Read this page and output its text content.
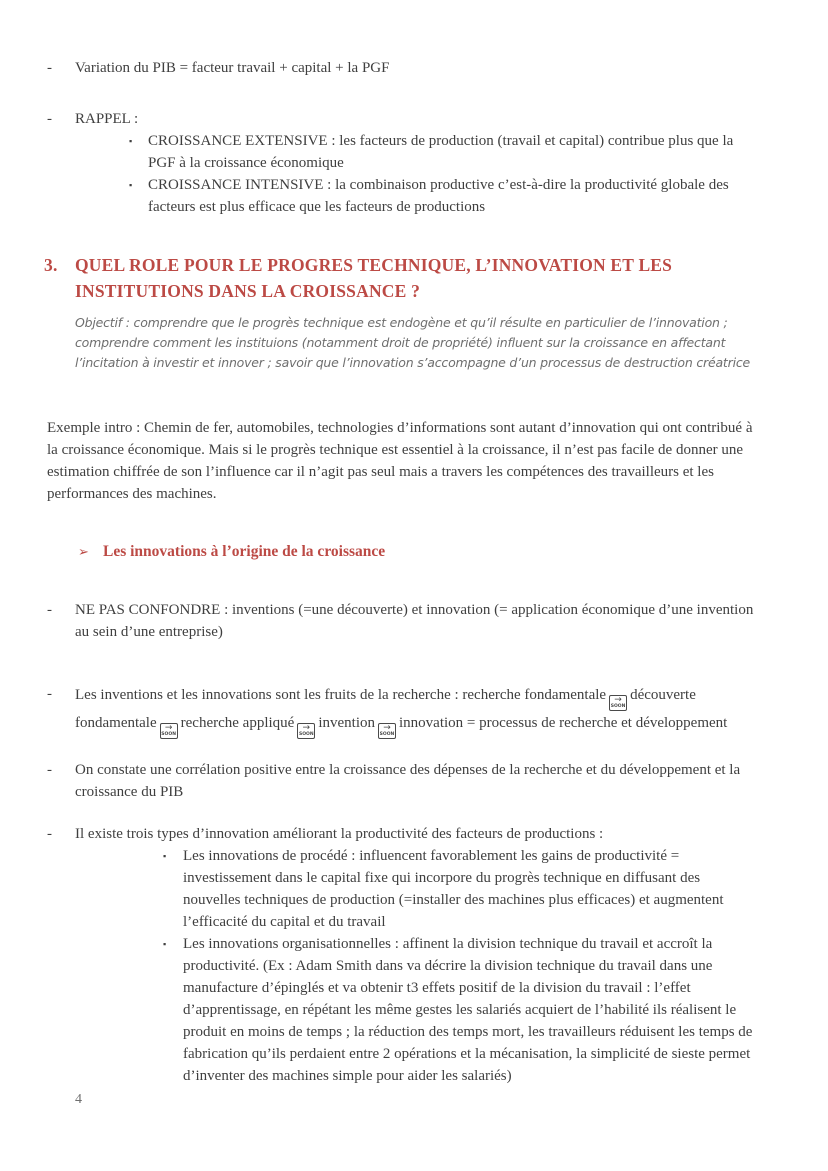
-	Variation du PIB = facteur travail + capital + la PGF
-	RAPPEL :
▪	CROISSANCE EXTENSIVE : les facteurs de production (travail et capital) contribue plus que la PGF à la croissance économique
▪	CROISSANCE INTENSIVE : la combinaison productive c’est-à-dire la productivité globale des facteurs est plus efficace que les facteurs de productions
3. QUEL ROLE POUR LE PROGRES TECHNIQUE, L’INNOVATION ET LES INSTITUTIONS DANS LA CROISSANCE ?
Objectif : comprendre que le progrès technique est endogène et qu’il résulte en particulier de l’innovation ; comprendre comment les instituions (notamment droit de propriété) influent sur la croissance en affectant l’incitation à investir et innover ; savoir que l’innovation s’accompagne d’un processus de destruction créatrice
Exemple intro : Chemin de fer, automobiles, technologies d’informations sont autant d’innovation qui ont contribué à la croissance économique. Mais si le progrès technique est essentiel à la croissance, il n’est pas facile de donner une estimation chiffrée de son l’influence car il n’agit pas seul mais a travers les compétences des travailleurs et les performances des machines.
➢ Les innovations à l’origine de la croissance
-	NE PAS CONFONDRE : inventions (=une découverte) et innovation (= application économique d’une invention au sein d’une entreprise)
-	Les inventions et les innovations sont les fruits de la recherche : recherche fondamentale →
SOON
découverte fondamentale →
SOON
recherche appliqué →
SOON
invention →
SOON
innovation = processus de recherche et développement
-	On constate une corrélation positive entre la croissance des dépenses de la recherche et du développement et la croissance du PIB
-	Il existe trois types d’innovation améliorant la productivité des facteurs de productions :
▪	Les innovations de procédé : influencent favorablement les gains de productivité = investissement dans le capital fixe qui incorpore du progrès technique en diffusant des nouvelles techniques de production (=installer des machines plus efficaces) et augmentent l’efficacité du capital et du travail
▪	Les innovations organisationnelles : affinent la division technique du travail et accroît la productivité. (Ex : Adam Smith dans va décrire la division technique du travail dans une manufacture d’épinglés et va obtenir t3 effets positif de la division du travail : l’effet d’apprentissage, en répétant les même gestes les salariés acquiert de l’habilité ils réalisent le produit en moins de temps ; la réduction des temps mort, les travailleurs réduisent les temps de fabrication qu’ils perdaient entre 2 opérations et la mécanisation, la simplicité de sieste permet d’inventer des machines simple pour aider les salariés)
4
